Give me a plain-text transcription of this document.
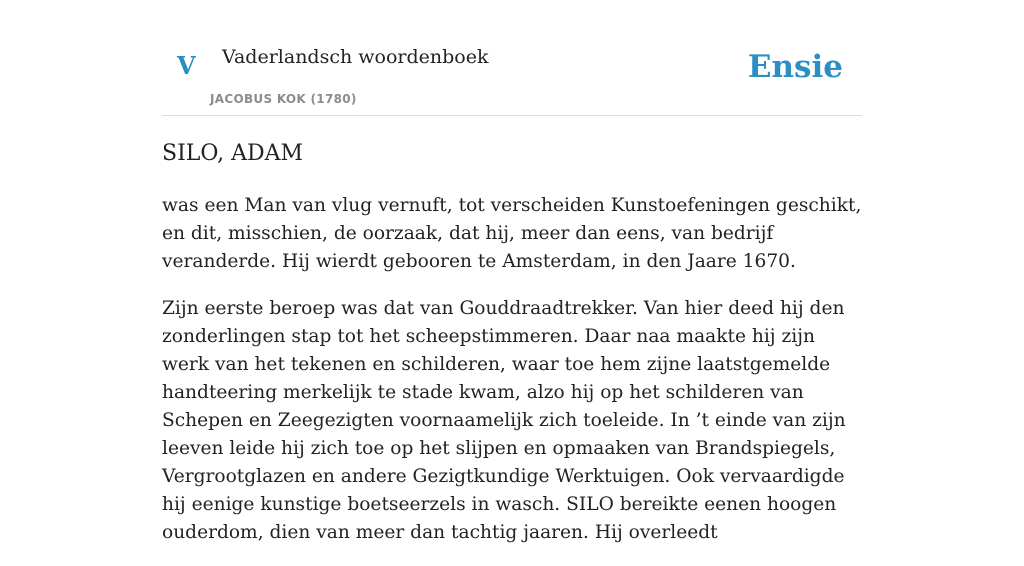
V Vaderlandsch woordenboek
JACOBUS KOK (1780)
Ensie
SILO, ADAM

was een Man van vlug vernuft, tot verscheiden Kunstoefeningen geschikt, en dit, misschien, de oorzaak, dat hij, meer dan eens, van bedrijf veranderde. Hij wierdt gebooren te Amsterdam, in den Jaare 1670.

Zijn eerste beroep was dat van Gouddraadtrekker. Van hier deed hij den zonderlingen stap tot het scheepstimmeren. Daar naa maakte hij zijn werk van het tekenen en schilderen, waar toe hem zijne laatstgemelde handteering merkelijk te stade kwam, alzo hij op het schilderen van Schepen en Zeegezigten voornaamelijk zich toeleide. In ’t einde van zijn leeven leide hij zich toe op het slijpen en opmaaken van Brandspiegels, Vergrootglazen en andere Gezigtkundige Werktuigen. Ook vervaardigde hij eenige kunstige boetseerzels in wasch. SILO bereikte eenen hoogen ouderdom, dien van meer dan tachtig jaaren. Hij overleedt
